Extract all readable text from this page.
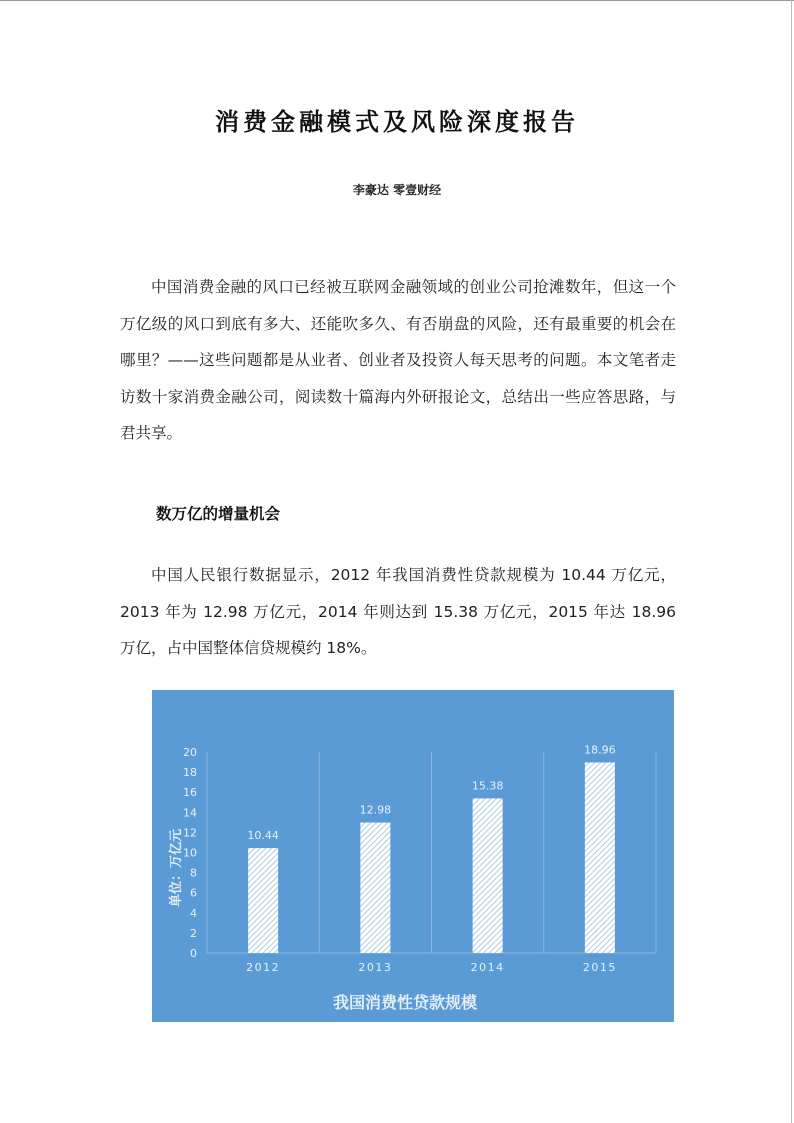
消费金融模式及风险深度报告
李豪达 零壹财经

中国消费金融的风口已经被互联网金融领域的创业公司抢滩数年，但这一个万亿级的风口到底有多大、还能吹多久、有否崩盘的风险，还有最重要的机会在哪里？——这些问题都是从业者、创业者及投资人每天思考的问题。本文笔者走访数十家消费金融公司，阅读数十篇海内外研报论文，总结出一些应答思路，与君共享。

数万亿的增量机会

中国人民银行数据显示，2012 年我国消费性贷款规模为 10.44 万亿元，2013 年为 12.98 万亿元，2014 年则达到 15.38 万亿元，2015 年达 18.96 万亿，占中国整体信贷规模约 18%。

0
2
4
6
8
10
12
14
16
18
20
2012	2013	2014	2015
10.44
12.98
15.38
18.96
单位：万亿元
我国消费性贷款规模
